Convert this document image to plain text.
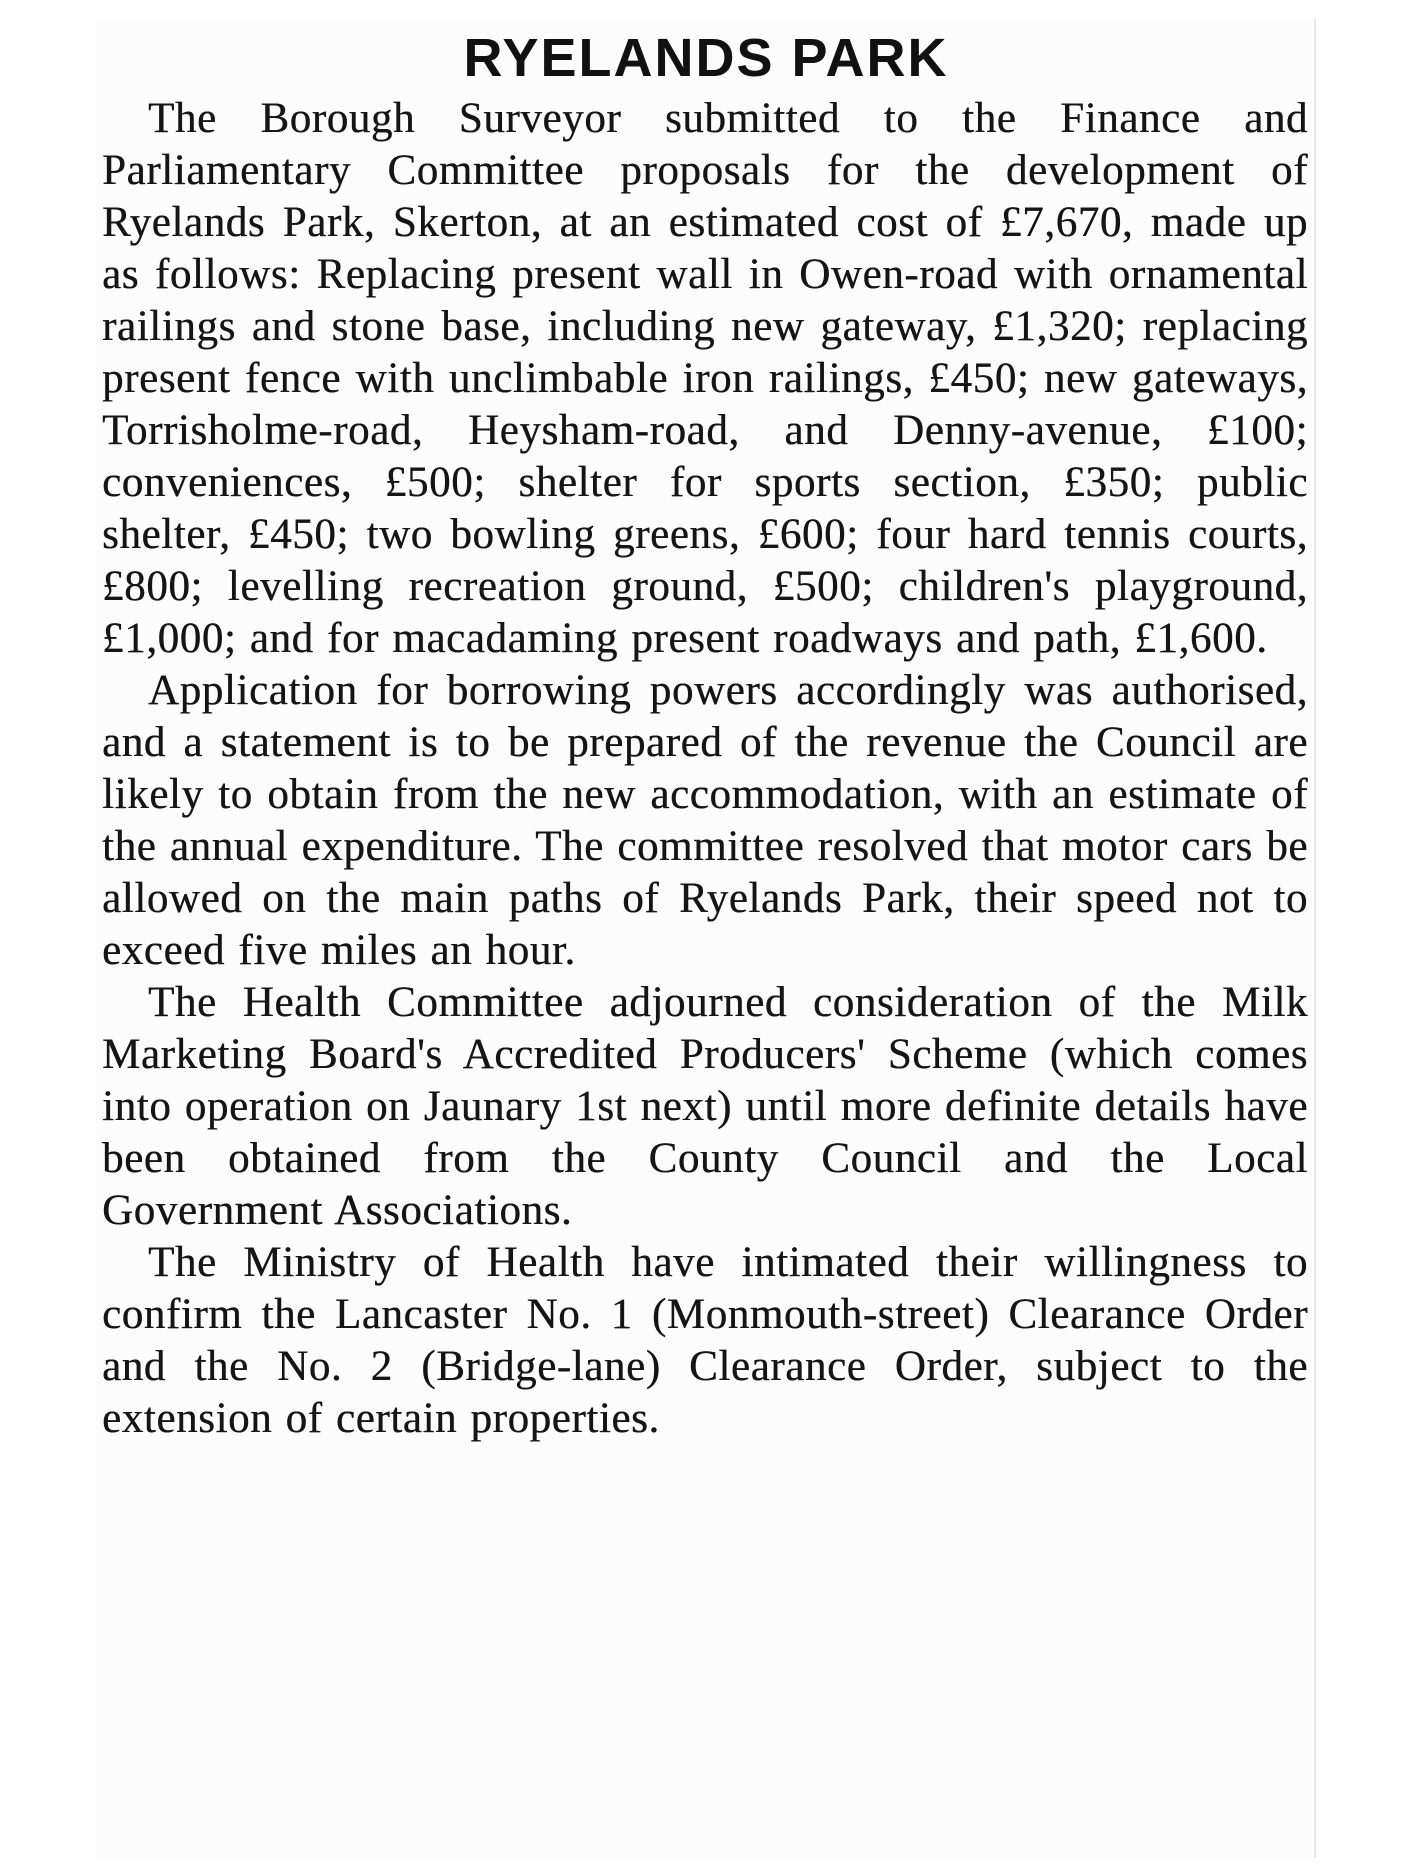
RYELANDS PARK

The Borough Surveyor submitted to the Finance and Parliamentary Committee proposals for the development of Ryelands Park, Skerton, at an estimated cost of £7,670, made up as follows: Replacing present wall in Owen-road with ornamental railings and stone base, including new gateway, £1,320; replacing present fence with unclimbable iron railings, £450; new gateways, Torrisholme-road, Heysham-road, and Denny-avenue, £100; conveniences, £500; shelter for sports section, £350; public shelter, £450; two bowling greens, £600; four hard tennis courts, £800; levelling recreation ground, £500; children's playground, £1,000; and for macadaming present roadways and path, £1,600.

Application for borrowing powers accordingly was authorised, and a statement is to be prepared of the revenue the Council are likely to obtain from the new accommodation, with an estimate of the annual expenditure. The committee resolved that motor cars be allowed on the main paths of Ryelands Park, their speed not to exceed five miles an hour.

The Health Committee adjourned consideration of the Milk Marketing Board's Accredited Producers' Scheme (which comes into operation on Jaunary 1st next) until more definite details have been obtained from the County Council and the Local Government Associations.

The Ministry of Health have intimated their willingness to confirm the Lancaster No. 1 (Monmouth-street) Clearance Order and the No. 2 (Bridge-lane) Clearance Order, subject to the extension of certain properties.
